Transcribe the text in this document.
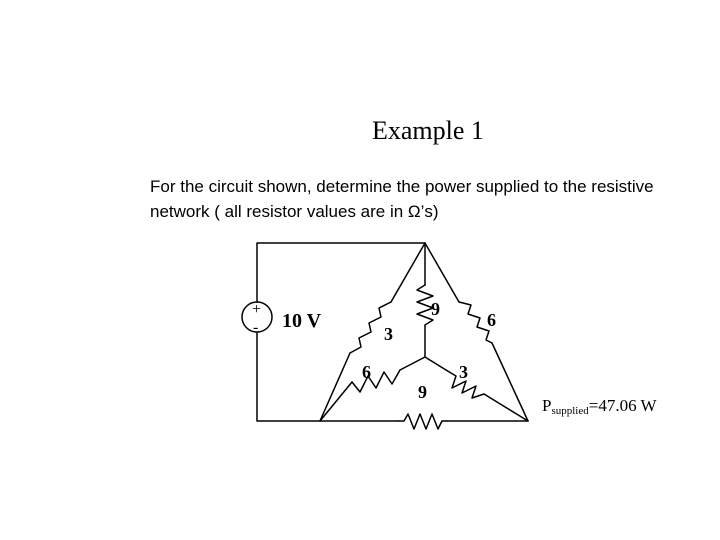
Example 1
For the circuit shown, determine the power supplied to the resistive
network ( all resistor values are in Ω’s)
+
- 10 V
3
6
9
6
3
9
$P_{supplied}=47.06$ W
